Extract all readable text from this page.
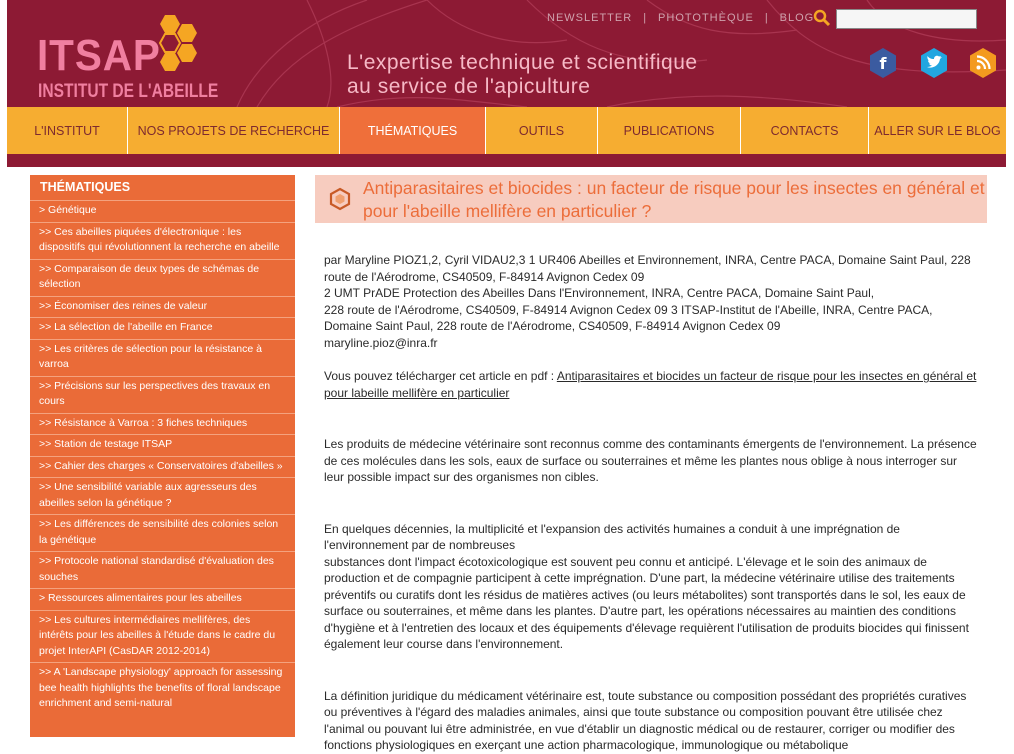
ITSAP
INSTITUT DE L'ABEILLE
L'expertise technique et scientifique
au service de l'apiculture
NEWSLETTER | PHOTOTHÈQUE | BLOG
f
L'INSTITUT	NOS PROJETS DE RECHERCHE	THÉMATIQUES	OUTILS	PUBLICATIONS	CONTACTS	ALLER SUR LE BLOG
THÉMATIQUES
> Génétique
>> Ces abeilles piquées d'électronique : les dispositifs qui révolutionnent la recherche en abeille
>> Comparaison de deux types de schémas de sélection
>> Économiser des reines de valeur
>> La sélection de l'abeille en France
>> Les critères de sélection pour la résistance à varroa
>> Précisions sur les perspectives des travaux en cours
>> Résistance à Varroa : 3 fiches techniques
>> Station de testage ITSAP
>> Cahier des charges « Conservatoires d'abeilles »
>> Une sensibilité variable aux agresseurs des abeilles selon la génétique ?
>> Les différences de sensibilité des colonies selon la génétique
>> Protocole national standardisé d'évaluation des souches
> Ressources alimentaires pour les abeilles
>> Les cultures intermédiaires mellifères, des intérêts pour les abeilles à l'étude dans le cadre du projet InterAPI (CasDAR 2012-2014)
>> A 'Landscape physiology' approach for assessing bee health highlights the benefits of floral landscape enrichment and semi-natural
Antiparasitaires et biocides : un facteur de risque pour les insectes en général et pour l'abeille mellifère en particulier ?

par Maryline PIOZ1,2, Cyril VIDAU2,3 1 UR406 Abeilles et Environnement, INRA, Centre PACA, Domaine Saint Paul, 228 route de l'Aérodrome, CS40509, F-84914 Avignon Cedex 09

2 UMT PrADE Protection des Abeilles Dans l'Environnement, INRA, Centre PACA, Domaine Saint Paul,

228 route de l'Aérodrome, CS40509, F-84914 Avignon Cedex 09 3 ITSAP-Institut de l'Abeille, INRA, Centre PACA, Domaine Saint Paul, 228 route de l'Aérodrome, CS40509, F-84914 Avignon Cedex 09

maryline.pioz@inra.fr

Vous pouvez télécharger cet article en pdf : Antiparasitaires et biocides un facteur de risque pour les insectes en général et pour labeille mellifère en particulier

Les produits de médecine vétérinaire sont reconnus comme des contaminants émergents de l'environnement. La présence de ces molécules dans les sols, eaux de surface ou souterraines et même les plantes nous oblige à nous interroger sur leur possible impact sur des organismes non cibles.

En quelques décennies, la multiplicité et l'expansion des activités humaines a conduit à une imprégnation de l'environnement par de nombreuses

substances dont l'impact écotoxicologique est souvent peu connu et anticipé. L'élevage et le soin des animaux de production et de compagnie participent à cette imprégnation. D'une part, la médecine vétérinaire utilise des traitements préventifs ou curatifs dont les résidus de matières actives (ou leurs métabolites) sont transportés dans le sol, les eaux de surface ou souterraines, et même dans les plantes. D'autre part, les opérations nécessaires au maintien des conditions d'hygiène et à l'entretien des locaux et des équipements d'élevage requièrent l'utilisation de produits biocides qui finissent également leur course dans l'environnement.

La définition juridique du médicament vétérinaire est, toute substance ou composition possédant des propriétés curatives ou préventives à l'égard des maladies animales, ainsi que toute substance ou composition pouvant être utilisée chez l'animal ou pouvant lui être administrée, en vue d'établir un diagnostic médical ou de restaurer, corriger ou modifier des fonctions physiologiques en exerçant une action pharmacologique, immunologique ou métabolique
